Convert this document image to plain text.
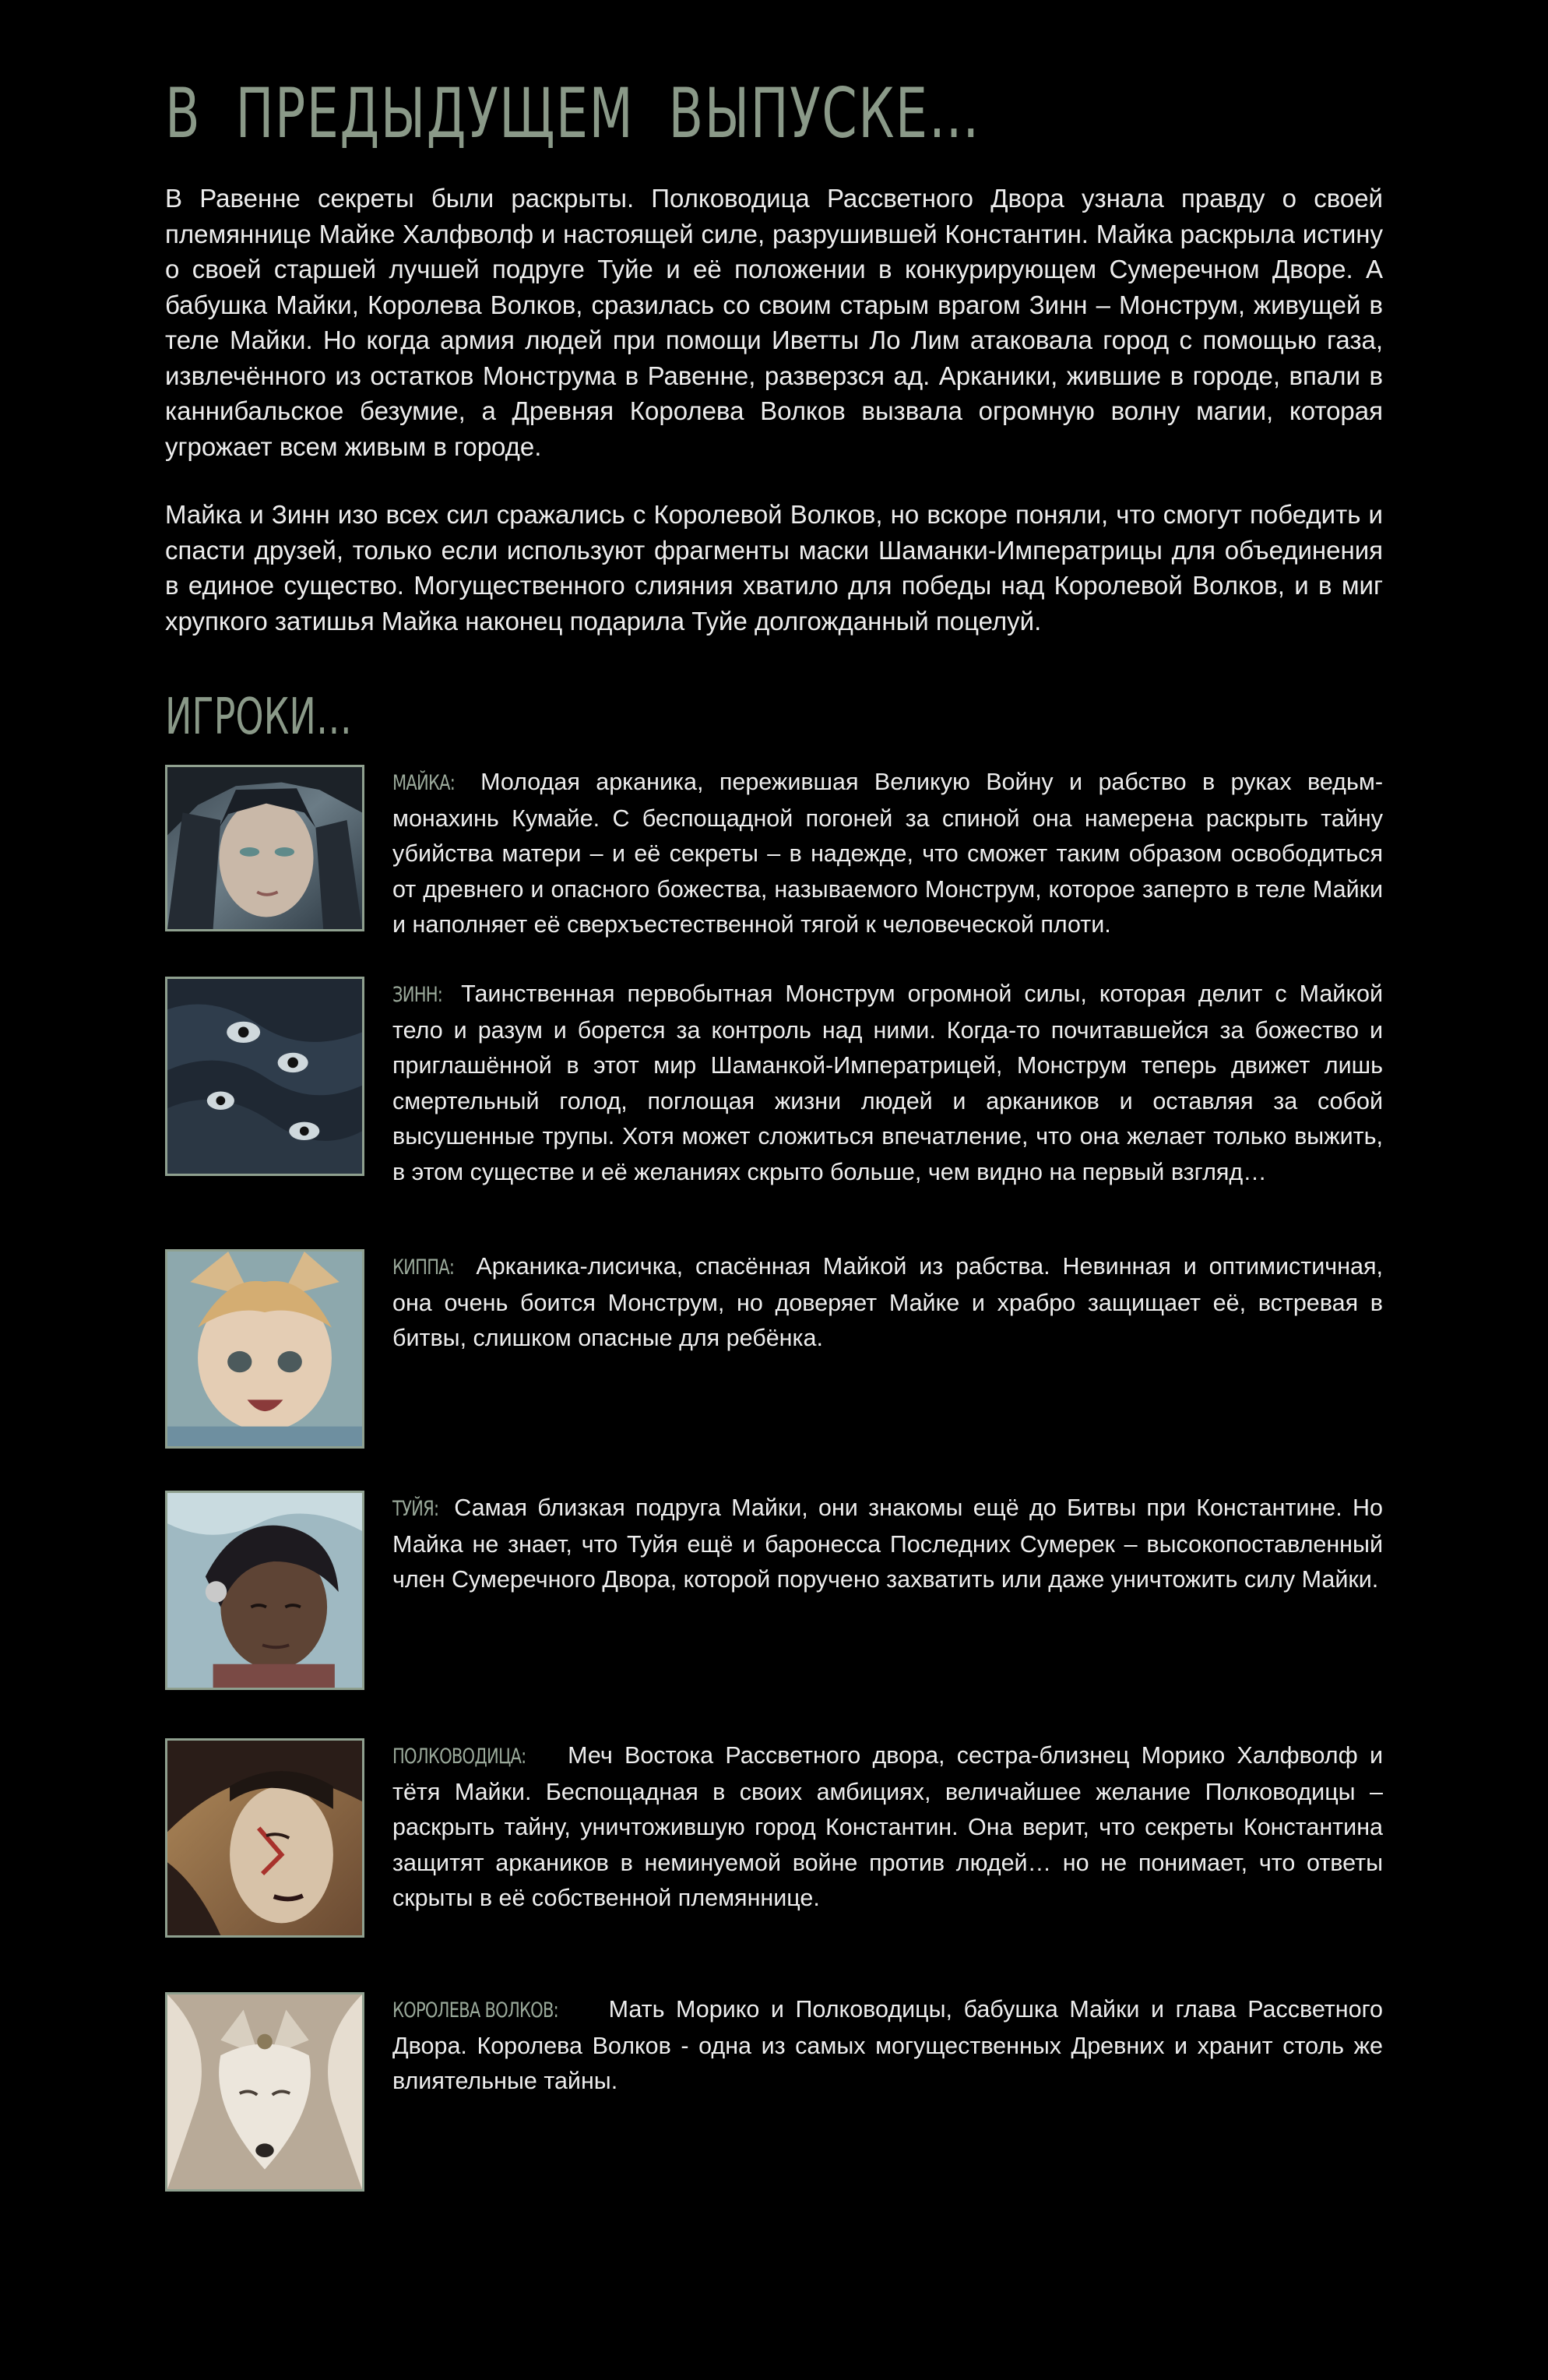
В ПРЕДЫДУЩЕМ ВЫПУСКЕ…

В Равенне секреты были раскрыты. Полководица Рассветного Двора узнала правду о своей племяннице Майке Халфволф и настоящей силе, разрушившей Константин. Майка раскрыла истину о своей старшей лучшей подруге Туйе и её положении в конкурирующем Сумеречном Дворе. А бабушка Майки, Королева Волков, сразилась со своим старым врагом Зинн – Монструм, живущей в теле Майки. Но когда армия людей при помощи Иветты Ло Лим атаковала город с помощью газа, извлечённого из остатков Монструма в Равенне, разверзся ад. Арканики, жившие в городе, впали в каннибальское безумие, а Древняя Королева Волков вызвала огромную волну магии, которая угрожает всем живым в городе.

Майка и Зинн изо всех сил сражались с Королевой Волков, но вскоре поняли, что смогут победить и спасти друзей, только если используют фрагменты маски Шаманки-Императрицы для объединения в единое существо. Могущественного слияния хватило для победы над Королевой Волков, и в миг хрупкого затишья Майка наконец подарила Туйе долгожданный поцелуй.

ИГРОКИ…

МАЙКА: Молодая арканика, пережившая Великую Войну и рабство в руках ведьм-монахинь Кумайе. С беспощадной погоней за спиной она намерена раскрыть тайну убийства матери – и её секреты – в надежде, что сможет таким образом освободиться от древнего и опасного божества, называемого Монструм, которое заперто в теле Майки и наполняет её сверхъестественной тягой к человеческой плоти.

ЗИНН: Таинственная первобытная Монструм огромной силы, которая делит с Майкой тело и разум и борется за контроль над ними. Когда-то почитавшейся за божество и приглашённой в этот мир Шаманкой-Императрицей, Монструм теперь движет лишь смертельный голод, поглощая жизни людей и аркаников и оставляя за собой высушенные трупы. Хотя может сложиться впечатление, что она желает только выжить, в этом существе и её желаниях скрыто больше, чем видно на первый взгляд…

КИППА: Арканика-лисичка, спасённая Майкой из рабства. Невинная и оптимистичная, она очень боится Монструм, но доверяет Майке и храбро защищает её, встревая в битвы, слишком опасные для ребёнка.

ТУЙЯ: Самая близкая подруга Майки, они знакомы ещё до Битвы при Константине. Но Майка не знает, что Туйя ещё и баронесса Последних Сумерек – высокопоставленный член Сумеречного Двора, которой поручено захватить или даже уничтожить силу Майки.

ПОЛКОВОДИЦА: Меч Востока Рассветного двора, сестра-близнец Морико Халфволф и тётя Майки. Беспощадная в своих амбициях, величайшее желание Полководицы – раскрыть тайну, уничтожившую город Константин. Она верит, что секреты Константина защитят аркаников в неминуемой войне против людей… но не понимает, что ответы скрыты в её собственной племяннице.

КОРОЛЕВА ВОЛКОВ: Мать Морико и Полководицы, бабушка Майки и глава Рассветного Двора. Королева Волков - одна из самых могущественных Древних и хранит столь же влиятельные тайны.
